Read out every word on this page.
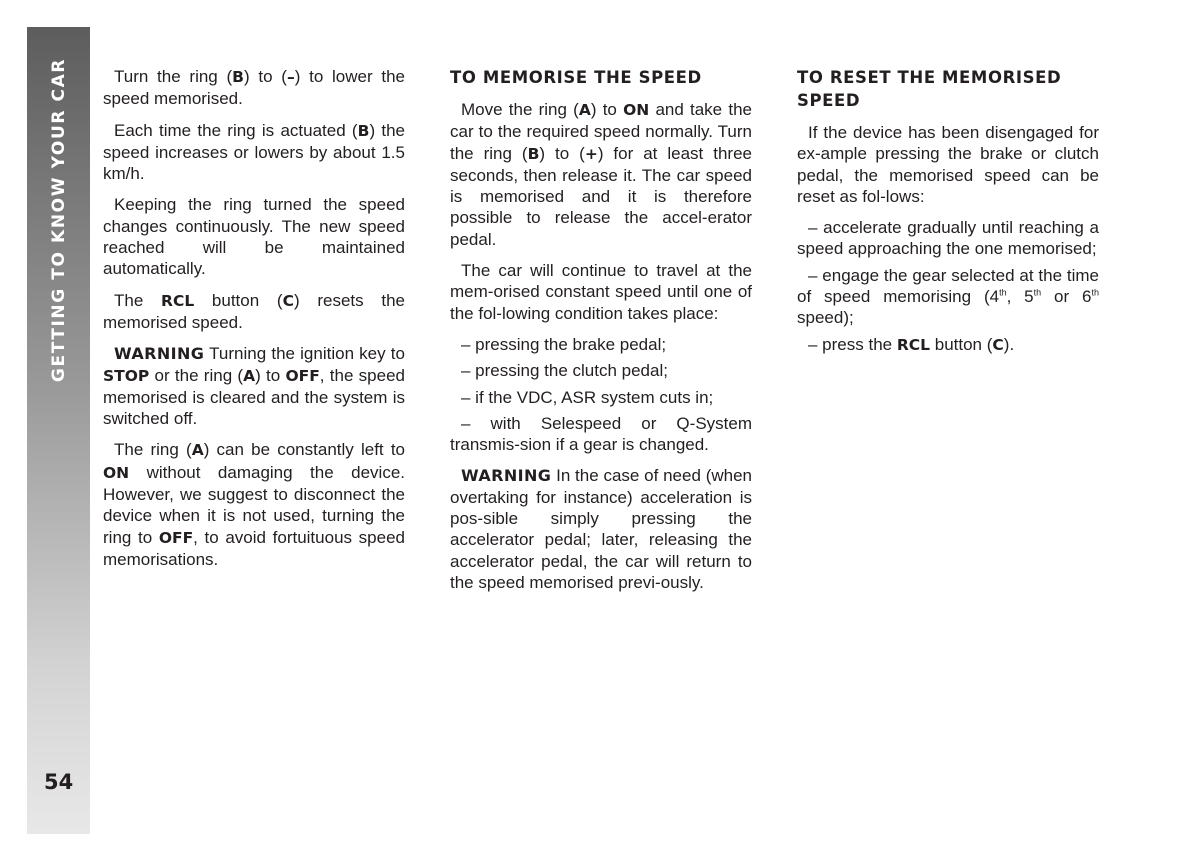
GETTING TO KNOW YOUR CAR
54

Turn the ring (B) to (–) to lower the speed memorised.

Each time the ring is actuated (B) the speed increases or lowers by about 1.5 km/h.

Keeping the ring turned the speed changes continuously. The new speed reached will be maintained automatically.

The RCL button (C) resets the memorised speed.

WARNING Turning the ignition key to STOP or the ring (A) to OFF, the speed memorised is cleared and the system is switched off.

The ring (A) can be constantly left to ON without damaging the device. However, we suggest to disconnect the device when it is not used, turning the ring to OFF, to avoid fortuituous speed memorisations.

TO MEMORISE THE SPEED

Move the ring (A) to ON and take the car to the required speed normally. Turn the ring (B) to (+) for at least three seconds, then release it. The car speed is memorised and it is therefore possible to release the accel-erator pedal.

The car will continue to travel at the mem-orised constant speed until one of the fol-lowing condition takes place:

– pressing the brake pedal;

– pressing the clutch pedal;

– if the VDC, ASR system cuts in;

– with Selespeed or Q-System transmis-sion if a gear is changed.

WARNING In the case of need (when overtaking for instance) acceleration is pos-sible simply pressing the accelerator pedal; later, releasing the accelerator pedal, the car will return to the speed memorised previ-ously.

TO RESET THE MEMORISED SPEED

If the device has been disengaged for ex-ample pressing the brake or clutch pedal, the memorised speed can be reset as fol-lows:

– accelerate gradually until reaching a speed approaching the one memorised;

– engage the gear selected at the time of speed memorising (4th, 5th or 6th speed);

– press the RCL button (C).
